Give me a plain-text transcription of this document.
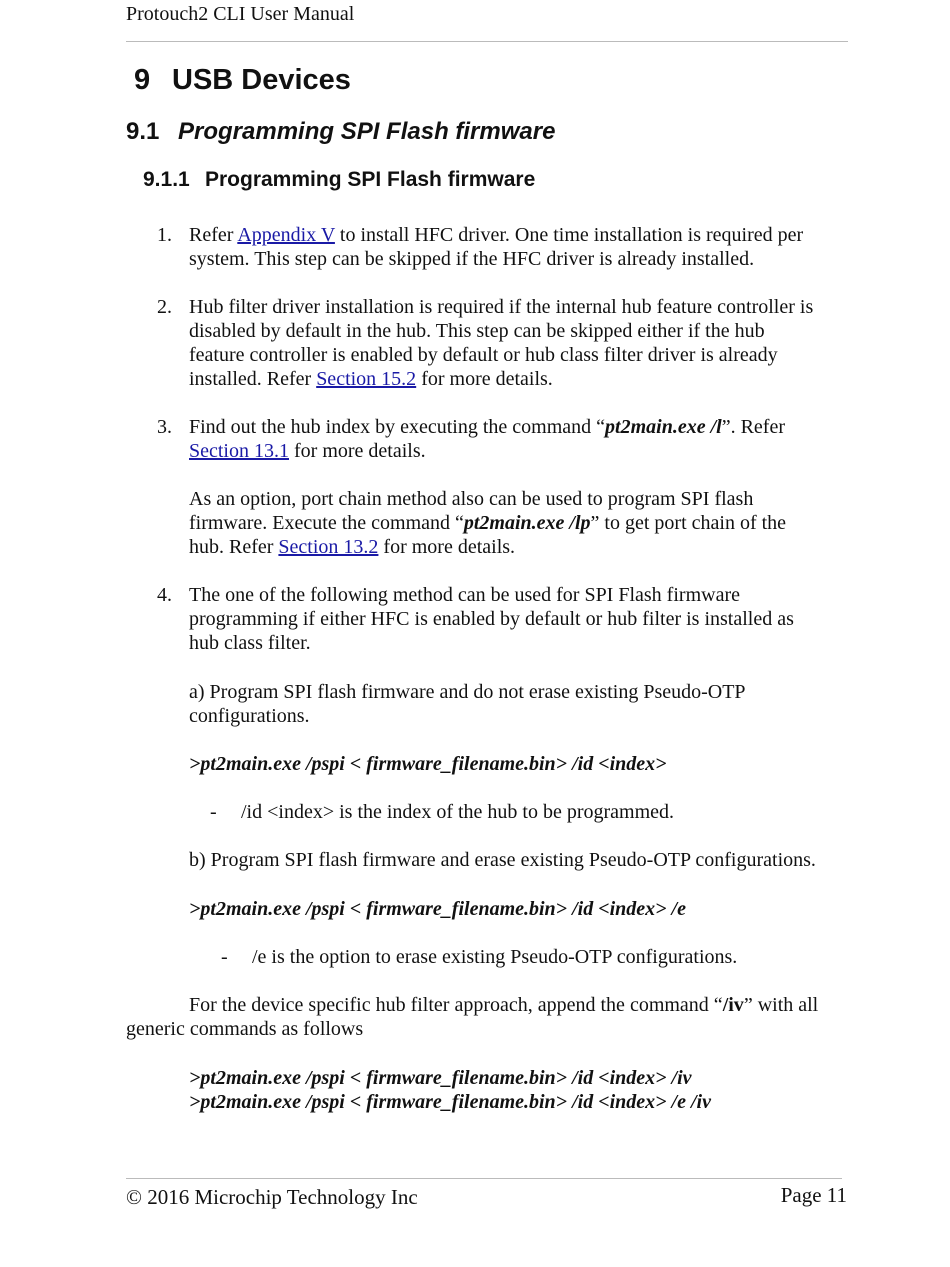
Protouch2 CLI User Manual
9 USB Devices
9.1 Programming SPI Flash firmware
9.1.1 Programming SPI Flash firmware
1. Refer Appendix V to install HFC driver. One time installation is required per
system. This step can be skipped if the HFC driver is already installed.
2. Hub filter driver installation is required if the internal hub feature controller is
disabled by default in the hub. This step can be skipped either if the hub
feature controller is enabled by default or hub class filter driver is already
installed. Refer Section 15.2 for more details.
3. Find out the hub index by executing the command “pt2main.exe /l”. Refer
Section 13.1 for more details.
As an option, port chain method also can be used to program SPI flash
firmware. Execute the command “pt2main.exe /lp” to get port chain of the
hub. Refer Section 13.2 for more details.
4. The one of the following method can be used for SPI Flash firmware
programming if either HFC is enabled by default or hub filter is installed as
hub class filter.
a) Program SPI flash firmware and do not erase existing Pseudo-OTP
configurations.
>pt2main.exe /pspi < firmware_filename.bin> /id <index>
- /id <index> is the index of the hub to be programmed.
b) Program SPI flash firmware and erase existing Pseudo-OTP configurations.
>pt2main.exe /pspi < firmware_filename.bin> /id <index> /e
- /e is the option to erase existing Pseudo-OTP configurations.
For the device specific hub filter approach, append the command “/iv” with all
generic commands as follows
>pt2main.exe /pspi < firmware_filename.bin> /id <index> /iv
>pt2main.exe /pspi < firmware_filename.bin> /id <index> /e /iv
© 2016 Microchip Technology Inc	Page 11
